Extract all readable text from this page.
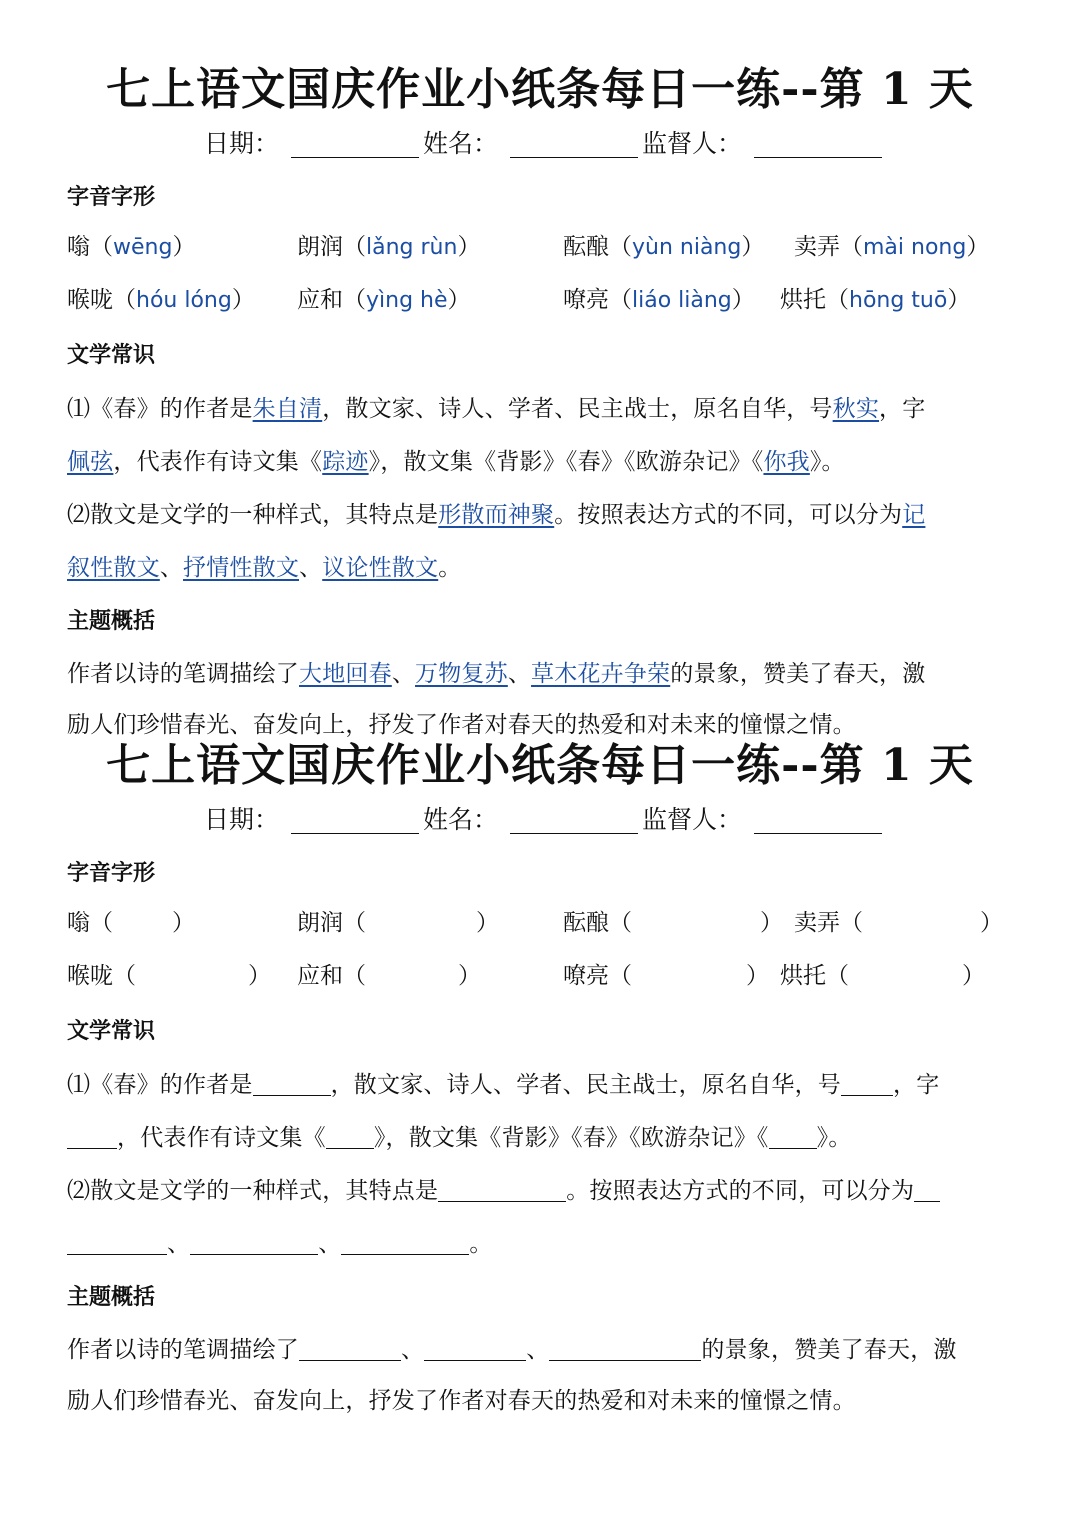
七上语文国庆作业小纸条每日一练--第 1 天
日期：	姓名：	监督人：
字音字形
嗡（wēng）	朗润（lǎng rùn）	酝酿（yùn niàng） 卖弄（mài nong）
喉咙（hóu lóng） 应和（yìng hè）	嘹亮（liáo liàng） 烘托（hōng tuō）
文学常识
⑴《春》的作者是朱自清，散文家、诗人、学者、民主战士，原名自华，号秋实，字
佩弦，代表作有诗文集《踪迹》，散文集《背影》《春》《欧游杂记》《你我》。
⑵散文是文学的一种样式，其特点是形散而神聚。按照表达方式的不同，可以分为记
叙性散文、抒情性散文、议论性散文。
主题概括
作者以诗的笔调描绘了大地回春、万物复苏、草木花卉争荣的景象，赞美了春天，激
励人们珍惜春光、奋发向上，抒发了作者对春天的热爱和对未来的憧憬之情。
七上语文国庆作业小纸条每日一练--第 1 天
日期：	姓名：	监督人：
字音字形
嗡（	）	朗润（	）	酝酿（	） 卖弄（	）
喉咙（	） 应和（	）	嘹亮（	） 烘托（	）
文学常识
⑴《春》的作者是	，散文家、诗人、学者、民主战士，原名自华，号 ，字
，代表作有诗文集《 》，散文集《背影》《春》《欧游杂记》《 》。
⑵散文是文学的一种样式，其特点是	。按照表达方式的不同，可以分为
、	、	。
主题概括
作者以诗的笔调描绘了	、	、	的景象，赞美了春天，激
励人们珍惜春光、奋发向上，抒发了作者对春天的热爱和对未来的憧憬之情。
